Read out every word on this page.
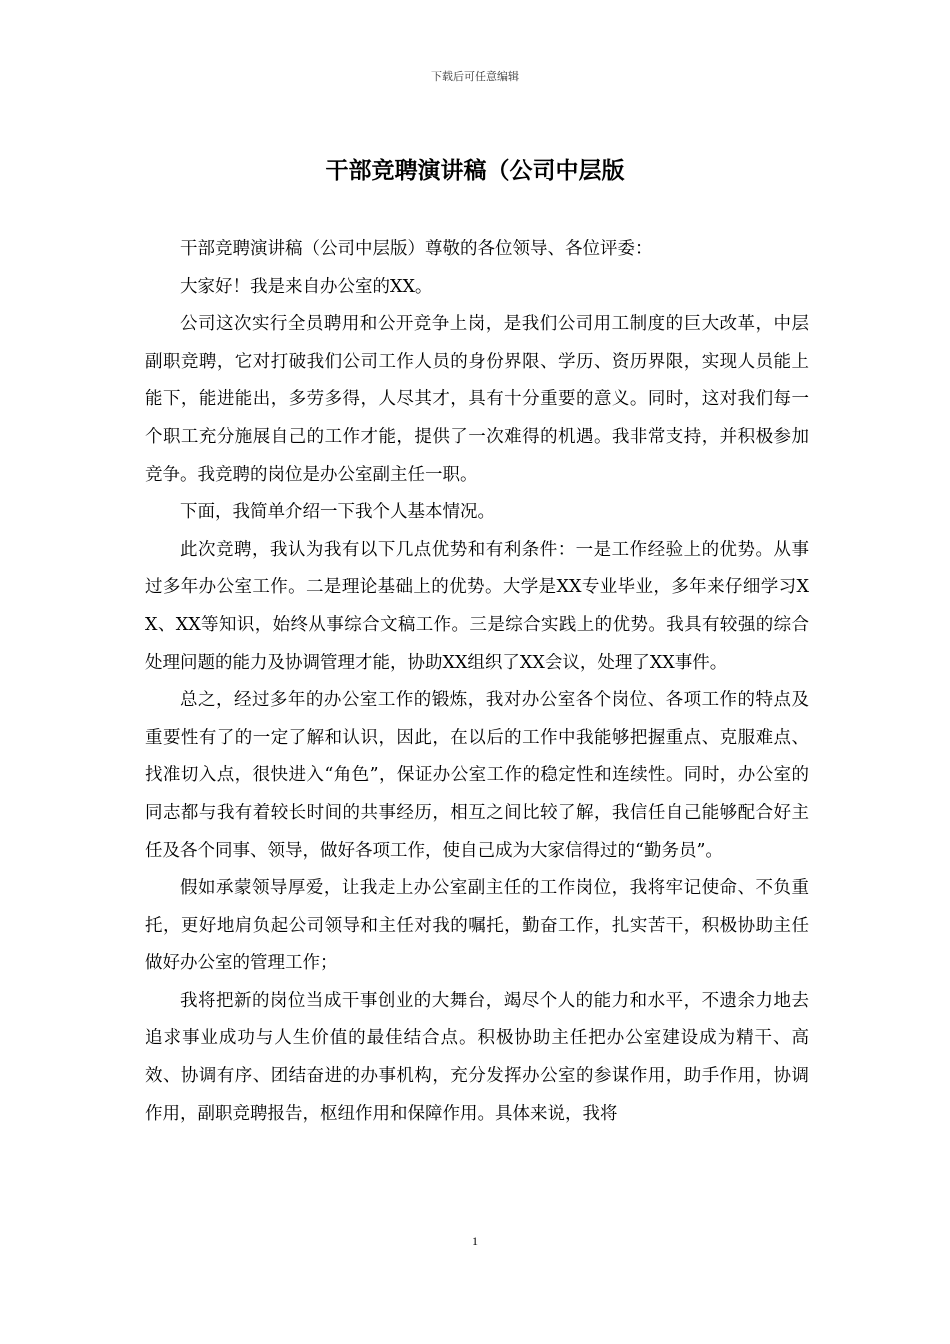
下载后可任意编辑
干部竞聘演讲稿（公司中层版

干部竞聘演讲稿（公司中层版）尊敬的各位领导、各位评委：

大家好！我是来自办公室的XX。

公司这次实行全员聘用和公开竞争上岗，是我们公司用工制度的巨大改革，中层副职竞聘，它对打破我们公司工作人员的身份界限、学历、资历界限，实现人员能上能下，能进能出，多劳多得，人尽其才，具有十分重要的意义。同时，这对我们每一个职工充分施展自己的工作才能，提供了一次难得的机遇。我非常支持，并积极参加竞争。我竞聘的岗位是办公室副主任一职。

下面，我简单介绍一下我个人基本情况。

此次竞聘，我认为我有以下几点优势和有利条件：一是工作经验上的优势。从事过多年办公室工作。二是理论基础上的优势。大学是XX专业毕业，多年来仔细学习XX、XX等知识，始终从事综合文稿工作。三是综合实践上的优势。我具有较强的综合处理问题的能力及协调管理才能，协助XX组织了XX会议，处理了XX事件。

总之，经过多年的办公室工作的锻炼，我对办公室各个岗位、各项工作的特点及重要性有了的一定了解和认识，因此，在以后的工作中我能够把握重点、克服难点、找准切入点，很快进入“角色”，保证办公室工作的稳定性和连续性。同时，办公室的同志都与我有着较长时间的共事经历，相互之间比较了解，我信任自己能够配合好主任及各个同事、领导，做好各项工作，使自己成为大家信得过的“勤务员”。

假如承蒙领导厚爱，让我走上办公室副主任的工作岗位，我将牢记使命、不负重托，更好地肩负起公司领导和主任对我的嘱托，勤奋工作，扎实苦干，积极协助主任做好办公室的管理工作；

我将把新的岗位当成干事创业的大舞台，竭尽个人的能力和水平，不遗余力地去追求事业成功与人生价值的最佳结合点。积极协助主任把办公室建设成为精干、高效、协调有序、团结奋进的办事机构，充分发挥办公室的参谋作用，助手作用，协调作用，副职竞聘报告，枢纽作用和保障作用。具体来说，我将

1
